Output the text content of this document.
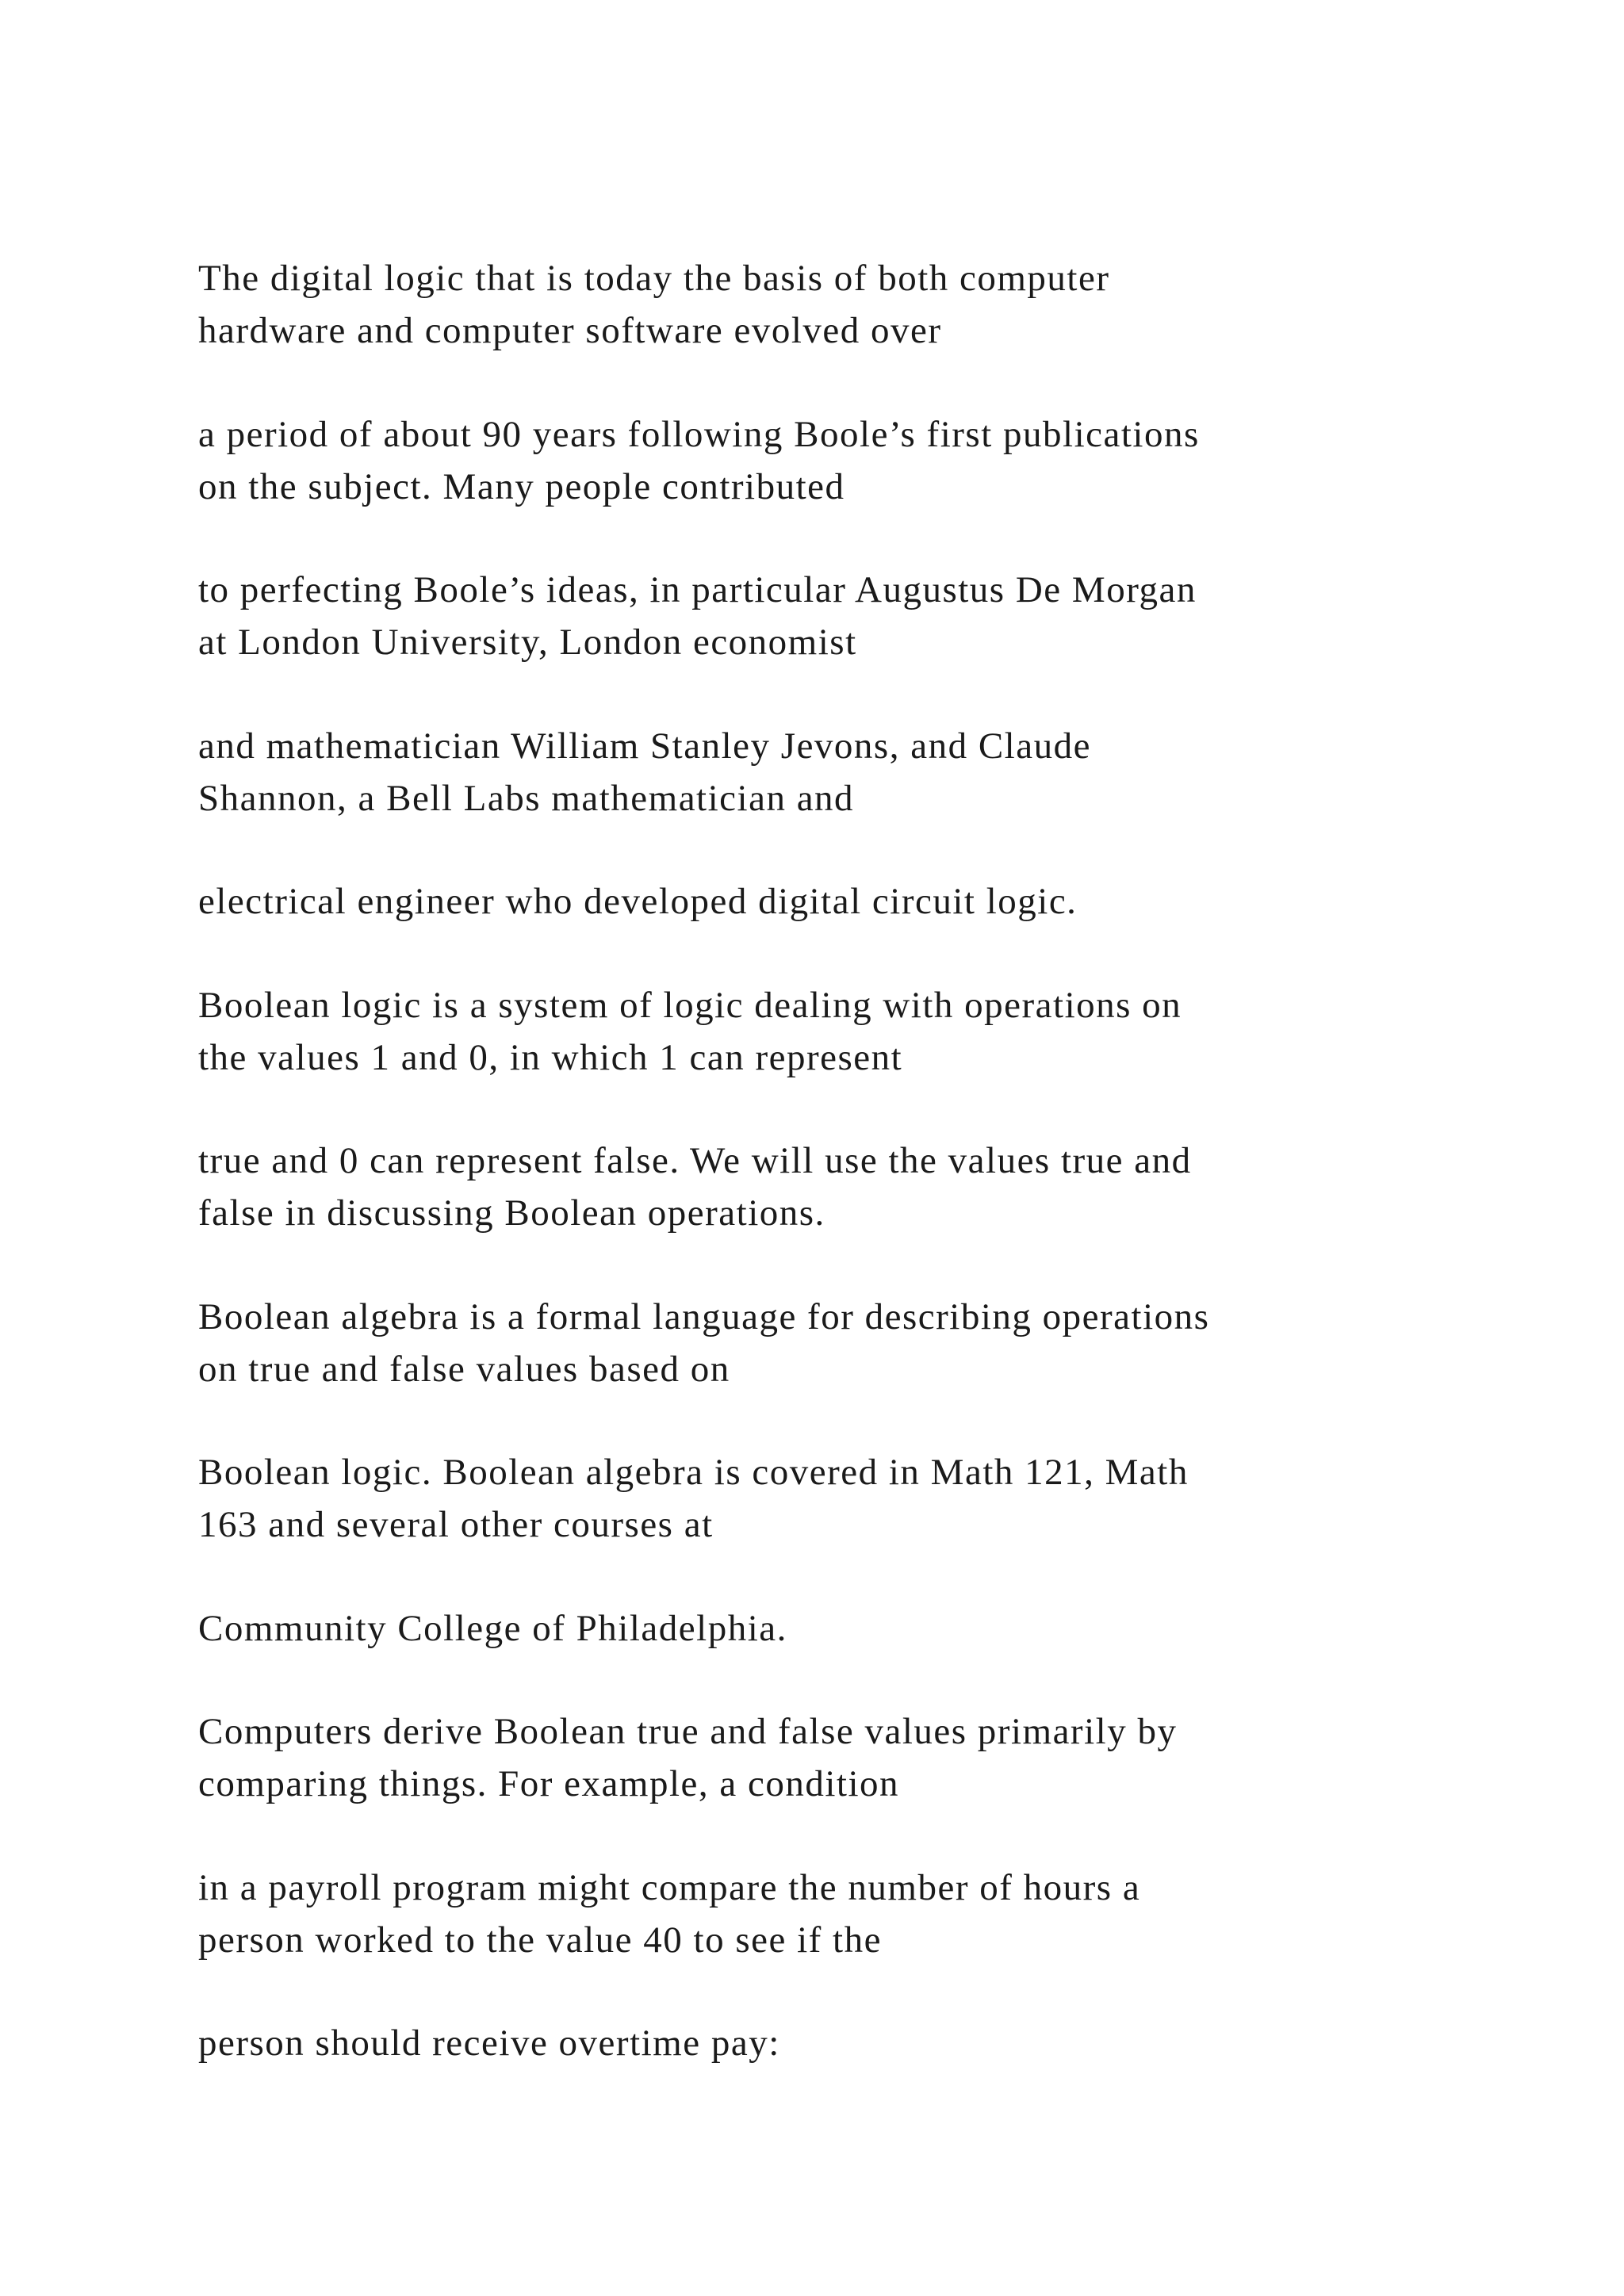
The digital logic that is today the basis of both computer
hardware and computer software evolved over

a period of about 90 years following Boole’s first publications
on the subject. Many people contributed

to perfecting Boole’s ideas, in particular Augustus De Morgan
at London University, London economist

and mathematician William Stanley Jevons, and Claude
Shannon, a Bell Labs mathematician and

electrical engineer who developed digital circuit logic.

Boolean logic is a system of logic dealing with operations on
the values 1 and 0, in which 1 can represent

true and 0 can represent false. We will use the values true and
false in discussing Boolean operations.

Boolean algebra is a formal language for describing operations
on true and false values based on

Boolean logic. Boolean algebra is covered in Math 121, Math
163 and several other courses at

Community College of Philadelphia.

Computers derive Boolean true and false values primarily by
comparing things. For example, a condition

in a payroll program might compare the number of hours a
person worked to the value 40 to see if the

person should receive overtime pay:
